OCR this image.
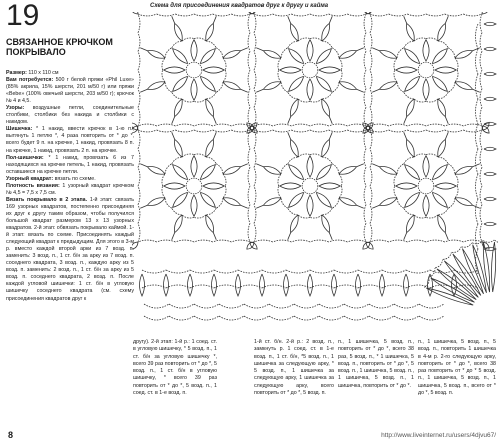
19
СВЯЗАННОЕ КРЮЧКОМ ПОКРЫВАЛО

Размер: 110 х 110 см

Вам потребуется: 500 г белой пряжи «Phil Luxe» (85% акрила, 15% шерсти, 201 м/50 г) или пряжи «Bebe» (100% овечьей шерсти, 203 м/50 г); крючок № 4 и 4,5.

Узоры: воздушные петли, соединительные столбики, столбики без накида и столбики с накидом.

Шишечка: * 1 накид, ввести крючок в 1-ю п., вытянуть 1 петлю *, 4 раза повторить от * до *, всего будет 9 п. на крючке, 1 накид, провязать 8 п. на крючке, 1 накид, провязать 2 п. на крючке.

Пол-шишечки: * 1 накид, провязать 6 из 7 находящихся на крючке петель, 1 накид, провязать оставшиеся на крючке петли.

Узорный квадрат: вязать по схеме.

Плотность вязания: 1 узорный квадрат крючком № 4,5 = 7,5 х 7,5 см.

Вязать покрывало в 2 этапа. 1-й этап: связать 169 узорных квадратов, постепенно присоединяя их друг к другу таким образом, чтобы получился большой квадрат размером 13 х 13 узорных квадратов. 2-й этап: обвязать покрывало каймой. 1-й этап: вязать по схеме. Присоединять каждый следующий квадрат к предыдущим. Для этого в 3-м р. вместо каждой второй арки из 7 возд. п. заменить: 3 возд. п., 1 ст. б/н за арку из 7 возд. п. соседнего квадрата, 3 возд. п., каждую арку из 5 возд. п. заменить: 2 возд. п., 1 ст. б/н за арку из 5 возд. п. соседнего квадрата, 2 возд. п. После каждой угловой шишечки: 1 ст. б/н в угловую шишечку соседнего квадрата (см. схему присоединения квадратов друг к

8
Схема для присоединения квадратов друг к другу и кайма

другу). 2-й этап: 1-й р.: 1 соед. ст. в угловую шишечку, * 5 возд. п., 1 ст. б/н за угловую шишечку *, всего 39 раз повторить от * до *, 5 возд. п., 1 ст. б/н в угловую шишечку, * всего 39 раз повторить от * до *, 5 возд. п., 1 соед. ст. в 1-е возд. п.

1-й ст. б/н. 2-й р.: 2 возд. п., замкнуть р. 1 соед. ст. в 1-е возд. п., 1 ст. б/н, *5 возд. п., 1 шишечка за следующую арку, * 5 возд. п., 1 шишечка за следующую арку, 1 шишечка за следующую арку, всего повторить от * до *, 5 возд. п.

п., 1 шишечка, 5 возд. п., повторить от * до *, всего 38 раз, 5 возд. п., * 1 шишечка, 5 возд. п., повторить от * до *, 5 возд. п., 1 шишечка, 5 возд. п., 1 шишечка, 5 возд. п., 1 шишечка, повторить от * до *.

п., 1 шишечка, 5 возд. п., 5 возд. п., повторить 1 шишечка в 4-м р. 2-го следующую арку, повторить от * до *, всего 38 раз повторить от * до * 5 возд. п., 1 шишечка, 5 возд. п., 1 шишечка, 5 возд. п., всего от * до *, 5 возд. п.

http://www.liveinternet.ru/users/4djvu67/
